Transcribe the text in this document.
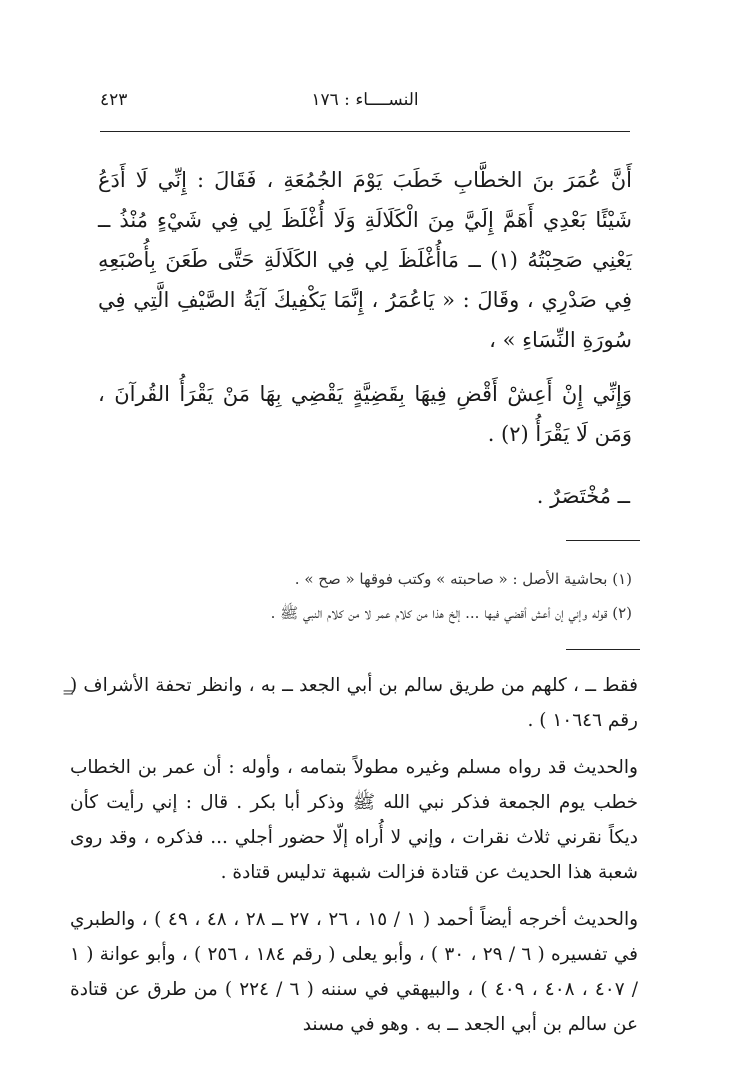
النســــاء : ١٧٦
٤٢٣

أَنَّ عُمَرَ بنَ الخطَّابِ خَطَبَ يَوْمَ الجُمُعَةِ ، فَقَالَ : إِنِّي لَا أَدَعُ شَيْئًا بَعْدِي أَهَمَّ إِلَيَّ مِنَ الْكَلَالَةِ وَلَا أُغْلَظَ لِي فِي شَيْءٍ مُنْذُ ــ يَعْنِي صَحِبْتُهُ (١) ــ مَاأُغْلَظَ لِي فِي الكَلَالَةِ حَتَّى طَعَنَ بِأُصْبَعِهِ فِي صَدْرِي ، وقَالَ : « يَاعُمَرُ ، إِنَّمَا يَكْفِيكَ آيَةُ الصَّيْفِ الَّتِي فِي سُورَةِ النِّسَاءِ » ،

وَإِنِّي إِنْ أَعِشْ أَقْضِ فِيهَا بِقَضِيَّةٍ يَقْضِي بِهَا مَنْ يَقْرَأُ القُرآنَ ، وَمَن لَا يَقْرَأُ (٢) .

ــ مُخْتَصَرٌ .

(١) بحاشية الأصل : « صاحبته » وكتب فوقها « صح » .

(٢) قوله وإني إن أعش أقضي فيها ... إلخ هذا من كلام عمر لا من كلام النبي ﷺ .

=

فقط ــ ، كلهم من طريق سالم بن أبي الجعد ــ به ، وانظر تحفة الأشراف ( رقم ١٠٦٤٦ ) .

والحديث قد رواه مسلم وغيره مطولاً بتمامه ، وأوله : أن عمر بن الخطاب خطب يوم الجمعة فذكر نبي الله ﷺ وذكر أبا بكر . قال : إني رأيت كأن ديكاً نقرني ثلاث نقرات ، وإني لا أُراه إلّا حضور أجلي ... فذكره ، وقد روى شعبة هذا الحديث عن قتادة فزالت شبهة تدليس قتادة .

والحديث أخرجه أيضاً أحمد ( ١ / ١٥ ، ٢٦ ، ٢٧ ــ ٢٨ ، ٤٨ ، ٤٩ ) ، والطبري في تفسيره ( ٦ / ٢٩ ، ٣٠ ) ، وأبو يعلى ( رقم ١٨٤ ، ٢٥٦ ) ، وأبو عوانة ( ١ / ٤٠٧ ، ٤٠٨ ، ٤٠٩ ) ، والبيهقي في سننه ( ٦ / ٢٢٤ ) من طرق عن قتادة عن سالم بن أبي الجعد ــ به . وهو في مسند
